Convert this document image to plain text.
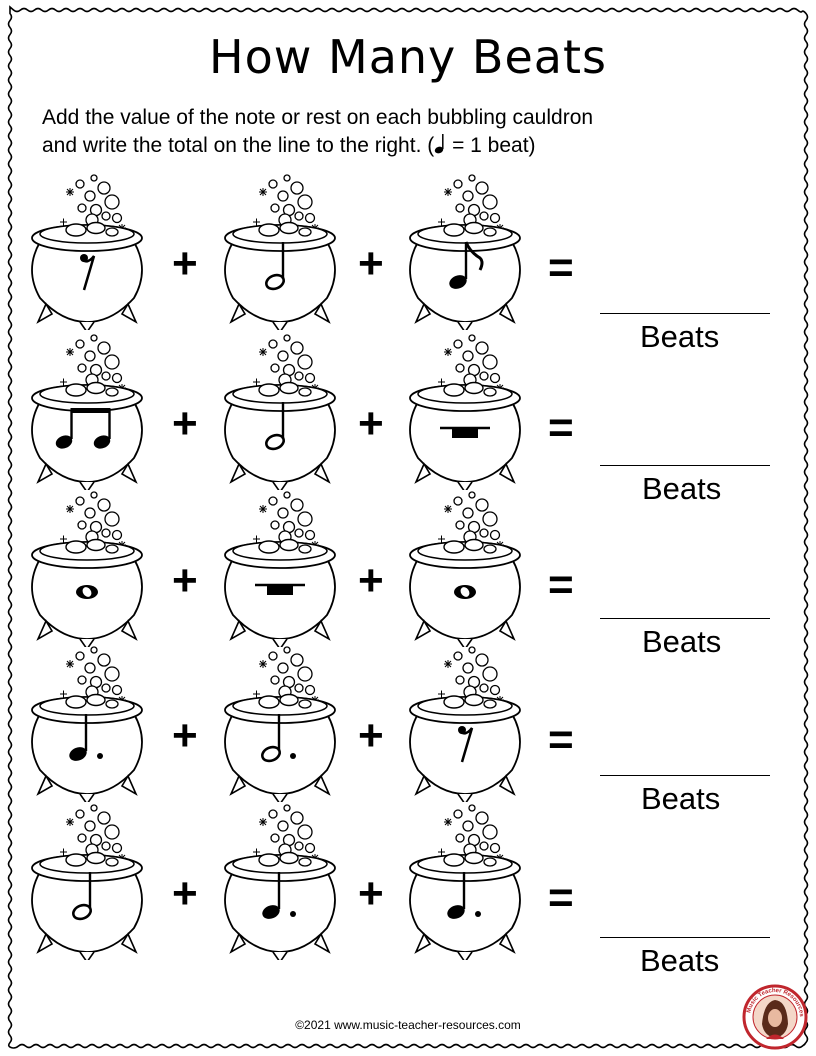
How Many Beats
Add the value of the note or rest on each bubbling cauldron
and write the total on the line to the right. ( = 1 beat)
+	+	=
Beats
+	+	=
Beats
+	+	=
Beats
+	+	=
Beats
+	+	=
Beats
©2021 www.music-teacher-resources.com
Music Teacher Resources
